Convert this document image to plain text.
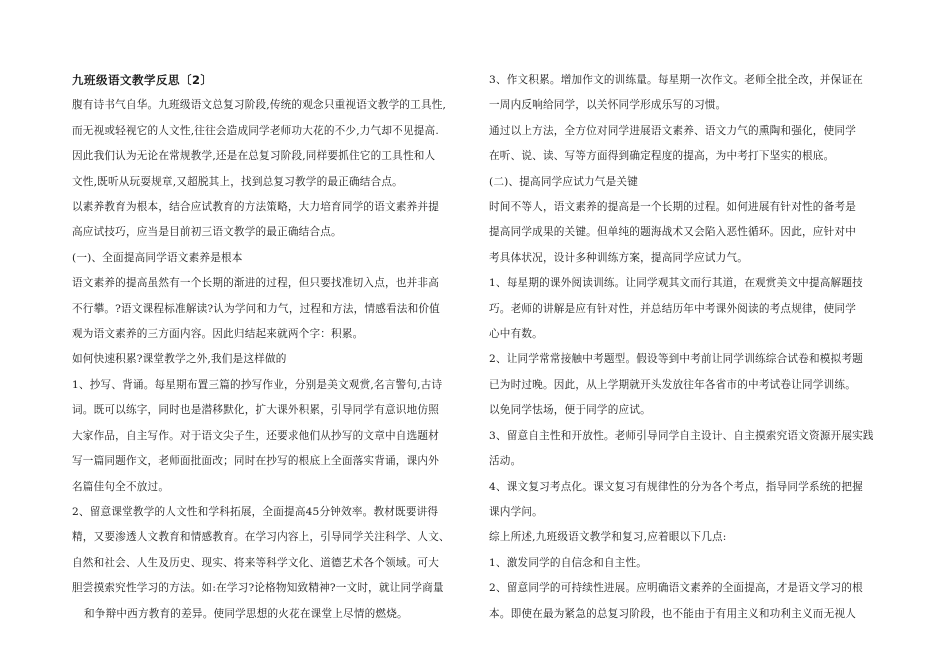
九班级语文教学反思〔2〕
腹有诗书气自华。九班级语文总复习阶段,传统的观念只重视语文教学的工具性,
而无视或轻视它的人文性,往往会造成同学老师功大花的不少,力气却不见提高.
因此我们认为无论在常规教学,还是在总复习阶段,同样要抓住它的工具性和人
文性,既听从玩耍规章,又超脱其上，找到总复习教学的最正确结合点。
以素养教育为根本，结合应试教育的方法策略，大力培育同学的语文素养并提
高应试技巧，应当是目前初三语文教学的最正确结合点。
(一)、全面提高同学语文素养是根本
语文素养的提高虽然有一个长期的渐进的过程，但只要找准切入点，也并非高
不行攀。?语文课程标准解读?认为学问和力气，过程和方法，情感看法和价值
观为语文素养的三方面内容。因此归结起来就两个字：积累。
如何快速积累?课堂教学之外,我们是这样做的
1、抄写、背诵。每星期布置三篇的抄写作业，分别是美文观赏,名言警句,古诗
词。既可以练字，同时也是潜移默化，扩大课外积累，引导同学有意识地仿照
大家作品，自主写作。对于语文尖子生，还要求他们从抄写的文章中自选题材
写一篇同题作文，老师面批面改；同时在抄写的根底上全面落实背诵，课内外
名篇佳句全不放过。
2、留意课堂教学的人文性和学科拓展，全面提高45分钟效率。教材既要讲得
精，又要渗透人文教育和情感教育。在学习内容上，引导同学关注科学、人文、
自然和社会、人生及历史、现实、将来等科学文化、道德艺术各个领域。可大
胆尝摸索究性学习的方法。如:在学习?论格物知致精神?一文时，就让同学商量
和争辩中西方教育的差异。使同学思想的火花在课堂上尽情的燃烧。
3、作文积累。增加作文的训练量。每星期一次作文。老师全批全改，并保证在
一周内反响给同学，以关怀同学形成乐写的习惯。
通过以上方法，全方位对同学进展语文素养、语文力气的熏陶和强化，使同学
在听、说、读、写等方面得到确定程度的提高，为中考打下坚实的根底。
(二)、提高同学应试力气是关键
时间不等人，语文素养的提高是一个长期的过程。如何进展有针对性的备考是
提高同学成果的关键。但单纯的题海战术又会陷入恶性循环。因此，应针对中
考具体状况，设计多种训练方案，提高同学应试力气。
1、每星期的课外阅读训练。让同学观其文而行其道，在观赏美文中提高解题技
巧。老师的讲解是应有针对性，并总结历年中考课外阅读的考点规律，使同学
心中有数。
2、让同学常常接触中考题型。假设等到中考前让同学训练综合试卷和模拟考题
已为时过晚。因此，从上学期就开头发放往年各省市的中考试卷让同学训练。
以免同学怯场，便于同学的应试。
3、留意自主性和开放性。老师引导同学自主设计、自主摸索究语文资源开展实践
活动。
4、课文复习考点化。课文复习有规律性的分为各个考点，指导同学系统的把握
课内学问。
综上所述,九班级语文教学和复习,应着眼以下几点:
1、激发同学的自信念和自主性。
2、留意同学的可持续性进展。应明确语文素养的全面提高，才是语文学习的根
本。即使在最为紧急的总复习阶段，也不能由于有用主义和功利主义而无视人
